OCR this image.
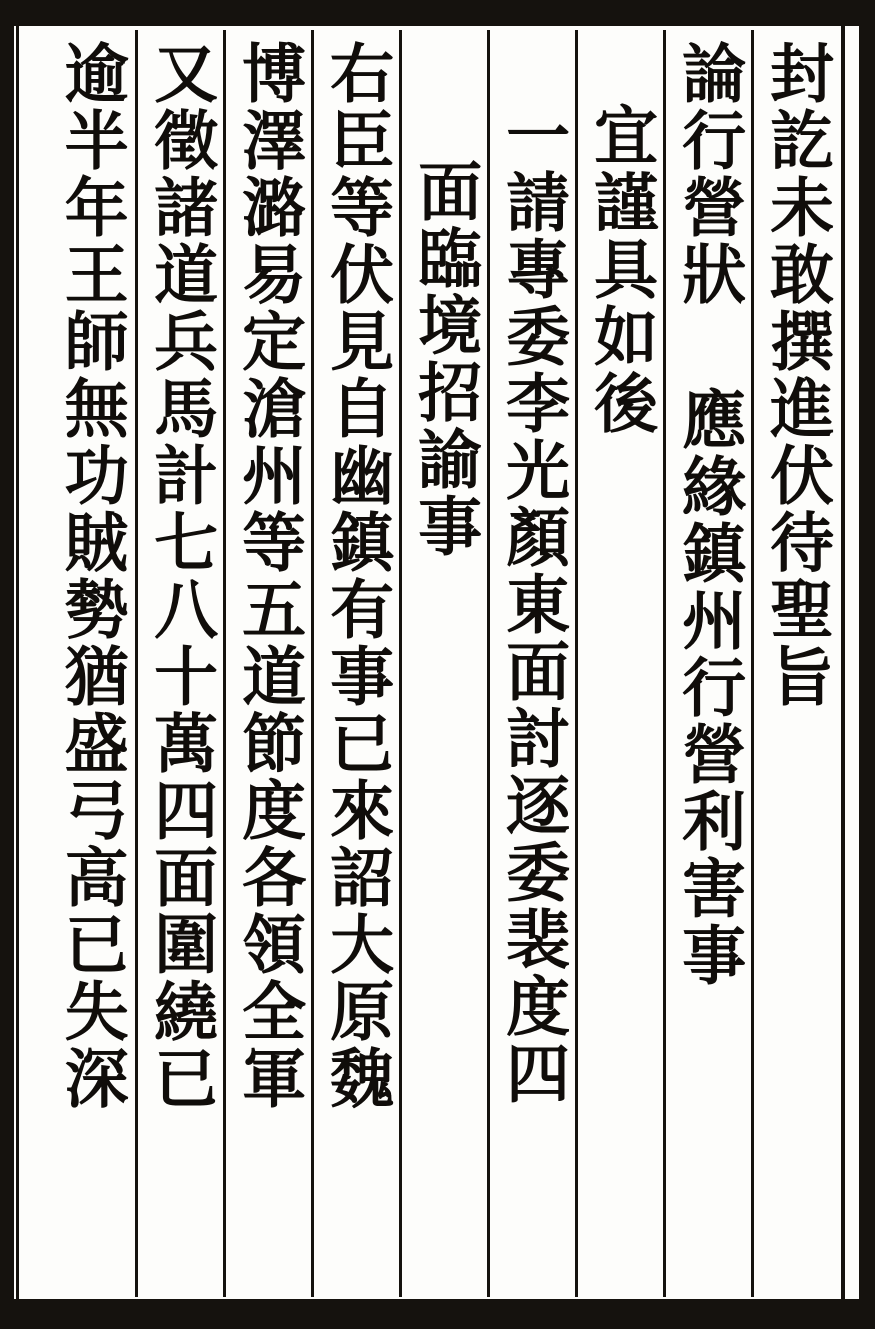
封訖未敢撰進伏待聖旨
論行營狀 應緣鎮州行營利害事
宜謹具如後
一請專委李光顏東面討逐委裴度四
面臨境招諭事
右臣等伏見自幽鎮有事已來詔大原魏
博澤潞易定滄州等五道節度各領全軍
又徵諸道兵馬計七八十萬四面圍繞已
逾半年王師無功賊勢猶盛弓高已失深
